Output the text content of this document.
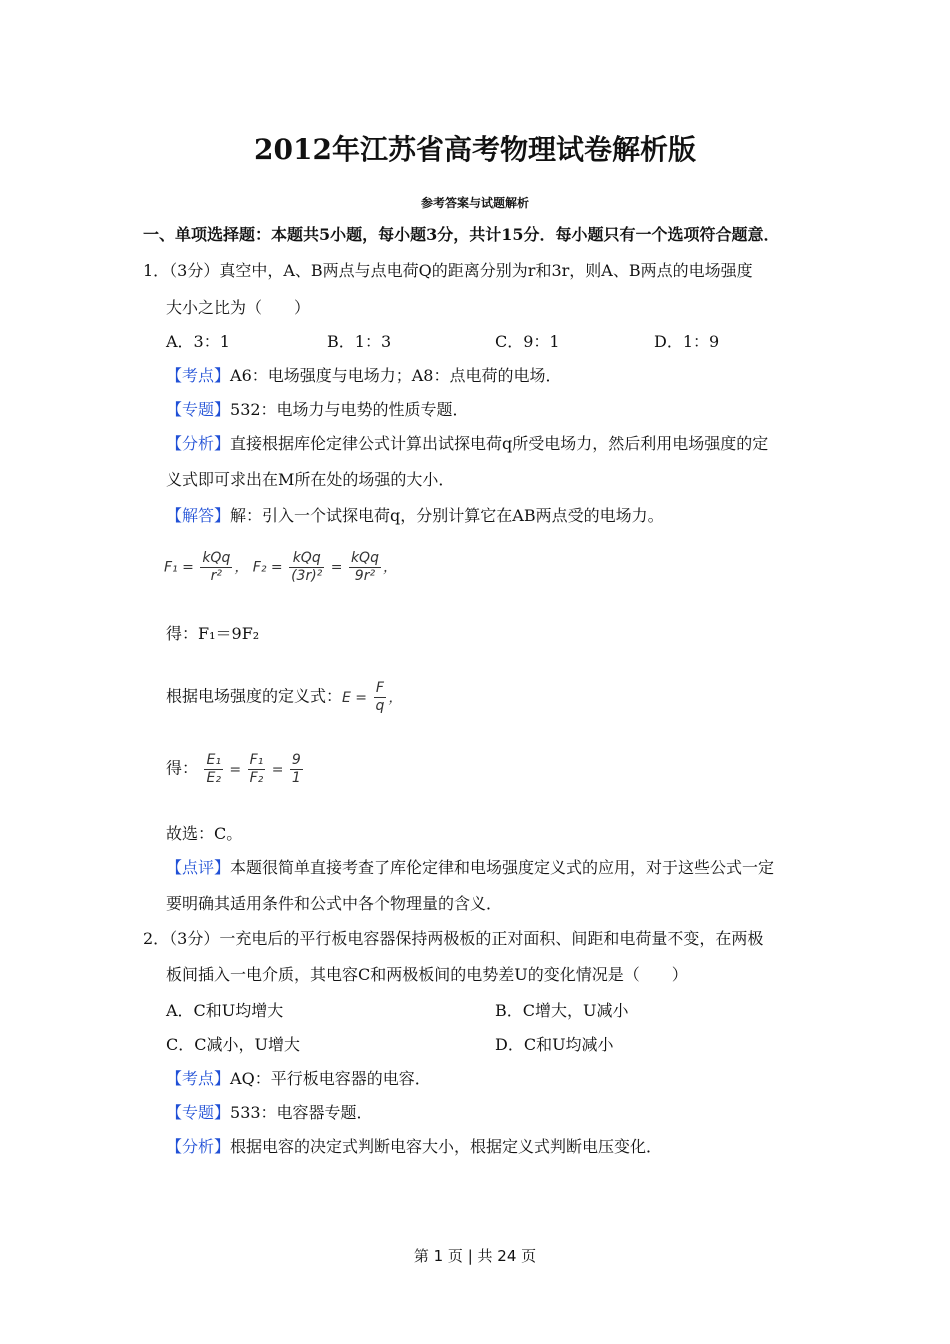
2012年江苏省高考物理试卷解析版
参考答案与试题解析
一、单项选择题：本题共5小题，每小题3分，共计15分．每小题只有一个选项符合题意．
1．（3分）真空中，A、B两点与点电荷Q的距离分别为r和3r，则A、B两点的电场强度
大小之比为（　　）
A．3：1	B．1：3	C．9：1	D．1：9
【考点】A6：电场强度与电场力；A8：点电荷的电场．
【专题】532：电场力与电势的性质专题．
【分析】直接根据库伦定律公式计算出试探电荷q所受电场力，然后利用电场强度的定
义式即可求出在M所在处的场强的大小．
【解答】解：引入一个试探电荷q，分别计算它在AB两点受的电场力。
$F_1 = \frac{\text{kQq}}{\text{r²}}$ ， $F_2 = \frac{\text{kQq}}{\text{(3r)²}} = \frac{\text{kQq}}{\text{9r²}}$ ，
得：F₁＝9F₂
根据电场强度的定义式：$E = \frac{F}{q}$ ，
得： $\frac{\text{E₁}}{\text{E₂}} = \frac{\text{F₁}}{\text{F₂}} = \frac{9}{1}$
故选：C。
【点评】本题很简单直接考查了库伦定律和电场强度定义式的应用，对于这些公式一定
要明确其适用条件和公式中各个物理量的含义．
2．（3分）一充电后的平行板电容器保持两极板的正对面积、间距和电荷量不变，在两极
板间插入一电介质，其电容C和两极板间的电势差U的变化情况是（　　）
A．C和U均增大	B．C增大，U减小
C．C减小，U增大	D．C和U均减小
【考点】AQ：平行板电容器的电容．
【专题】533：电容器专题．
【分析】根据电容的决定式判断电容大小，根据定义式判断电压变化．
第 1 页 | 共 24 页
